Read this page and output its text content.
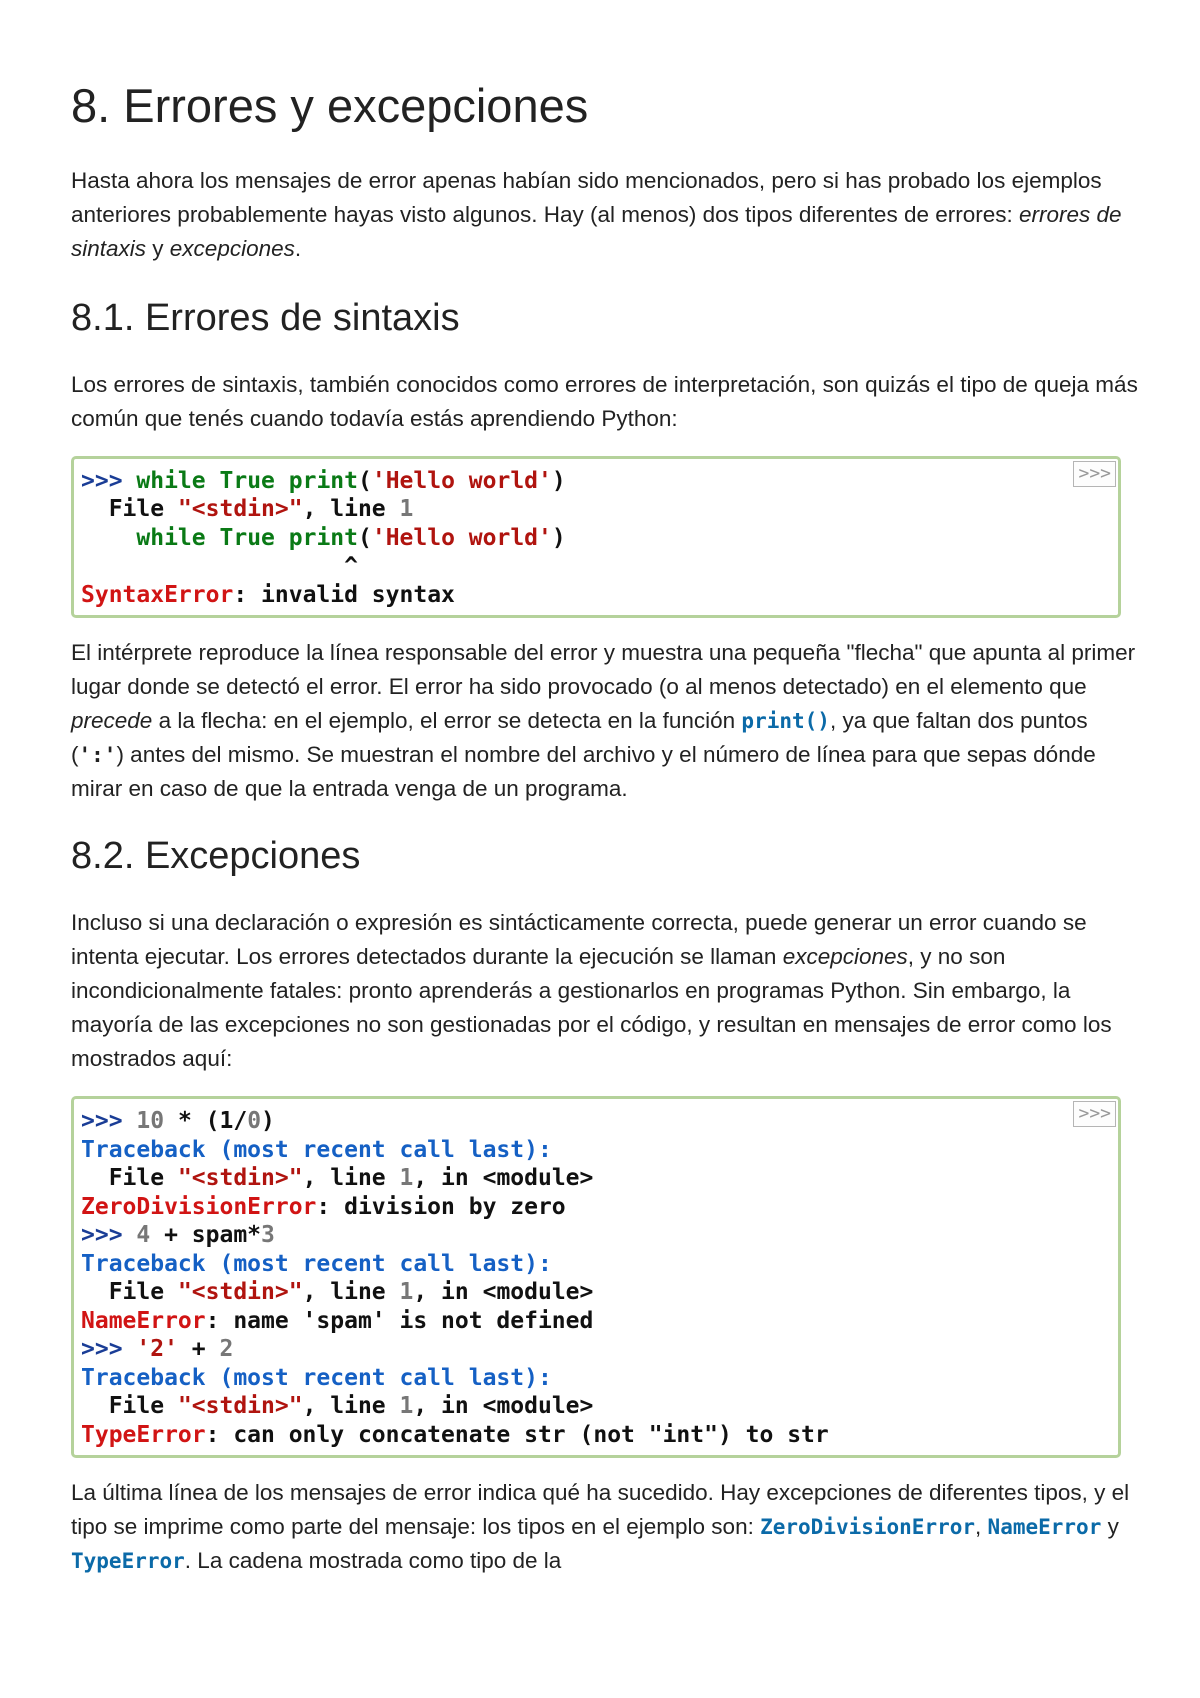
8. Errores y excepciones

Hasta ahora los mensajes de error apenas habían sido mencionados, pero si has probado los ejemplos anteriores probablemente hayas visto algunos. Hay (al menos) dos tipos diferentes de errores: errores de sintaxis y excepciones.

8.1. Errores de sintaxis

Los errores de sintaxis, también conocidos como errores de interpretación, son quizás el tipo de queja más común que tenés cuando todavía estás aprendiendo Python:

>>>
>>> while True print('Hello world')
File "<stdin>", line 1
while True print('Hello world')
^
SyntaxError: invalid syntax

El intérprete reproduce la línea responsable del error y muestra una pequeña "flecha" que apunta al primer lugar donde se detectó el error. El error ha sido provocado (o al menos detectado) en el elemento que precede a la flecha: en el ejemplo, el error se detecta en la función print(), ya que faltan dos puntos (':') antes del mismo. Se muestran el nombre del archivo y el número de línea para que sepas dónde mirar en caso de que la entrada venga de un programa.

8.2. Excepciones

Incluso si una declaración o expresión es sintácticamente correcta, puede generar un error cuando se intenta ejecutar. Los errores detectados durante la ejecución se llaman excepciones, y no son incondicionalmente fatales: pronto aprenderás a gestionarlos en programas Python. Sin embargo, la mayoría de las excepciones no son gestionadas por el código, y resultan en mensajes de error como los mostrados aquí:

>>>
>>> 10 * (1/0)
Traceback (most recent call last):
File "<stdin>", line 1, in <module>
ZeroDivisionError: division by zero
>>> 4 + spam*3
Traceback (most recent call last):
File "<stdin>", line 1, in <module>
NameError: name 'spam' is not defined
>>> '2' + 2
Traceback (most recent call last):
File "<stdin>", line 1, in <module>
TypeError: can only concatenate str (not "int") to str

La última línea de los mensajes de error indica qué ha sucedido. Hay excepciones de diferentes tipos, y el tipo se imprime como parte del mensaje: los tipos en el ejemplo son: ZeroDivisionError, NameError y TypeError. La cadena mostrada como tipo de la
